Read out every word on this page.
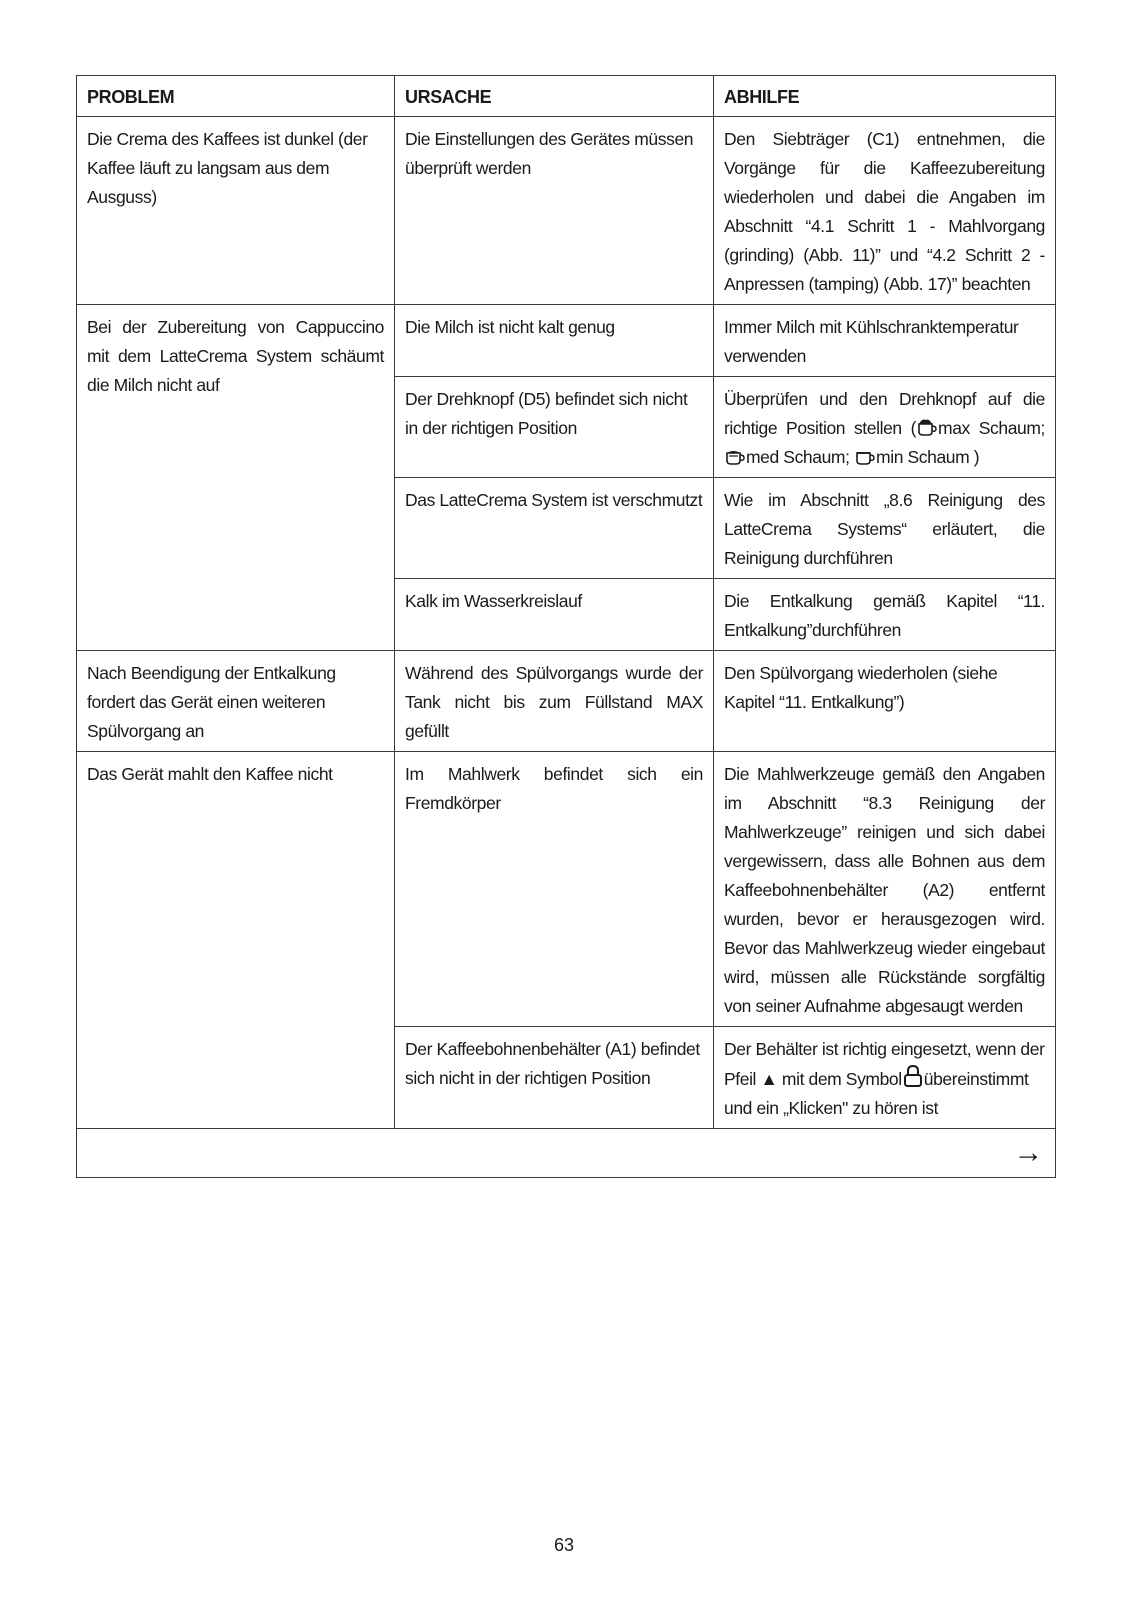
PROBLEM	URSACHE	ABHILFE
Die Crema des Kaffees ist dunkel (der Kaffee läuft zu langsam aus dem Ausguss)	Die Einstellungen des Gerätes müssen überprüft werden	Den Siebträger (C1) entnehmen, die Vorgänge für die Kaffeezubereitung wiederholen und dabei die Angaben im Abschnitt “4.1 Schritt 1 - Mahlvorgang (grinding) (Abb. 11)” und “4.2 Schritt 2 - Anpressen (tamping) (Abb. 17)” beachten
Bei der Zubereitung von Cappuccino mit dem LatteCrema System schäumt die Milch nicht auf	Die Milch ist nicht kalt genug	Immer Milch mit Kühlschranktemperatur verwenden
	Der Drehknopf (D5) befindet sich nicht in der richtigen Position	Überprüfen und den Drehknopf auf die richtige Position stellen ( max Schaum; med Schaum; min Schaum )
	Das LatteCrema System ist verschmutzt	Wie im Abschnitt „8.6 Reinigung des LatteCrema Systems“ erläutert, die Reinigung durchführen
	Kalk im Wasserkreislauf	Die Entkalkung gemäß Kapitel “11. Entkalkung”durchführen
Nach Beendigung der Entkalkung fordert das Gerät einen weiteren Spülvorgang an	Während des Spülvorgangs wurde der Tank nicht bis zum Füllstand MAX gefüllt	Den Spülvorgang wiederholen (siehe Kapitel “11. Entkalkung”)
Das Gerät mahlt den Kaffee nicht	Im Mahlwerk befindet sich ein Fremdkörper	Die Mahlwerkzeuge gemäß den Angaben im Abschnitt “8.3 Reinigung der Mahlwerkzeuge” reinigen und sich dabei vergewissern, dass alle Bohnen aus dem Kaffeebohnenbehälter (A2) entfernt wurden, bevor er herausgezogen wird. Bevor das Mahlwerkzeug wieder eingebaut wird, müssen alle Rückstände sorgfältig von seiner Aufnahme abgesaugt werden
	Der Kaffeebohnenbehälter (A1) befindet sich nicht in der richtigen Position	Der Behälter ist richtig eingesetzt, wenn der Pfeil ▲ mit dem Symbol übereinstimmt und ein „Klicken" zu hören ist
→		
63
